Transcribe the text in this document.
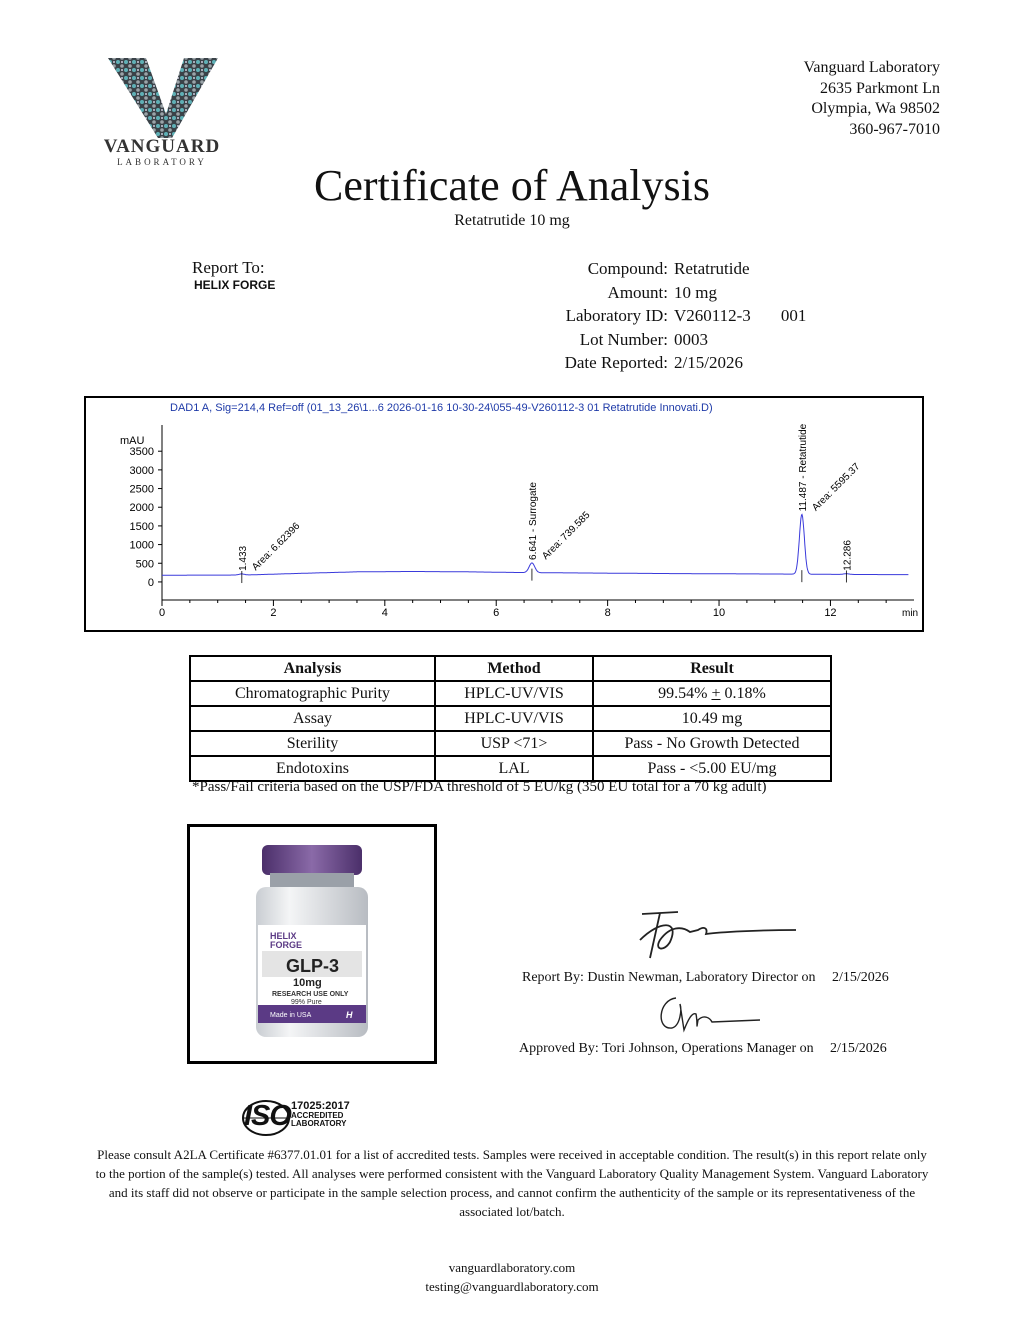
VANGUARD
LABORATORY
Vanguard Laboratory
2635 Parkmont Ln
Olympia, Wa 98502
360-967-7010
Certificate of Analysis
Retatrutide 10 mg
Report To:
HELIX FORGE
Compound: Retatrutide
Amount: 10 mg
Laboratory ID: V260112-3 001
Lot Number: 0003
Date Reported: 2/15/2026
0
500
1000
1500
2000
2500
3000
3500
mAU
0	2	4	6	8	10	12	min
1.433 Area: 6.62396	6.641 - Surrogate Area: 739.585
11.487 - Retatrutide Area: 5595.37
12.286
DAD1 A, Sig=214,4 Ref=off (01_13_26\1...6 2026-01-16 10-30-24\055-49-V260112-3 01 Retatrutide Innovati.D)
Analysis	Method	Result
Chromatographic Purity	HPLC-UV/VIS	99.54% + 0.18%
Assay	HPLC-UV/VIS	10.49 mg
Sterility	USP <71>	Pass - No Growth Detected
Endotoxins	LAL	Pass - <5.00 EU/mg
*Pass/Fail criteria based on the USP/FDA threshold of 5 EU/kg (350 EU total for a 70 kg adult)
HELIX
FORGE
GLP-3
10mg
RESEARCH USE ONLY
99% Pure
Made in USA	H
Report By: Dustin Newman, Laboratory Director on 2/15/2026
Approved By: Tori Johnson, Operations Manager on 2/15/2026
ISO 17025:2017
ACCREDITED
LABORATORY
Please consult A2LA Certificate #6377.01.01 for a list of accredited tests. Samples were received in acceptable condition. The result(s) in this report relate only to the portion of the sample(s) tested. All analyses were performed consistent with the Vanguard Laboratory Quality Management System. Vanguard Laboratory and its staff did not observe or participate in the sample selection process, and cannot confirm the authenticity of the sample or its representativeness of the associated lot/batch.
vanguardlaboratory.com
testing@vanguardlaboratory.com
